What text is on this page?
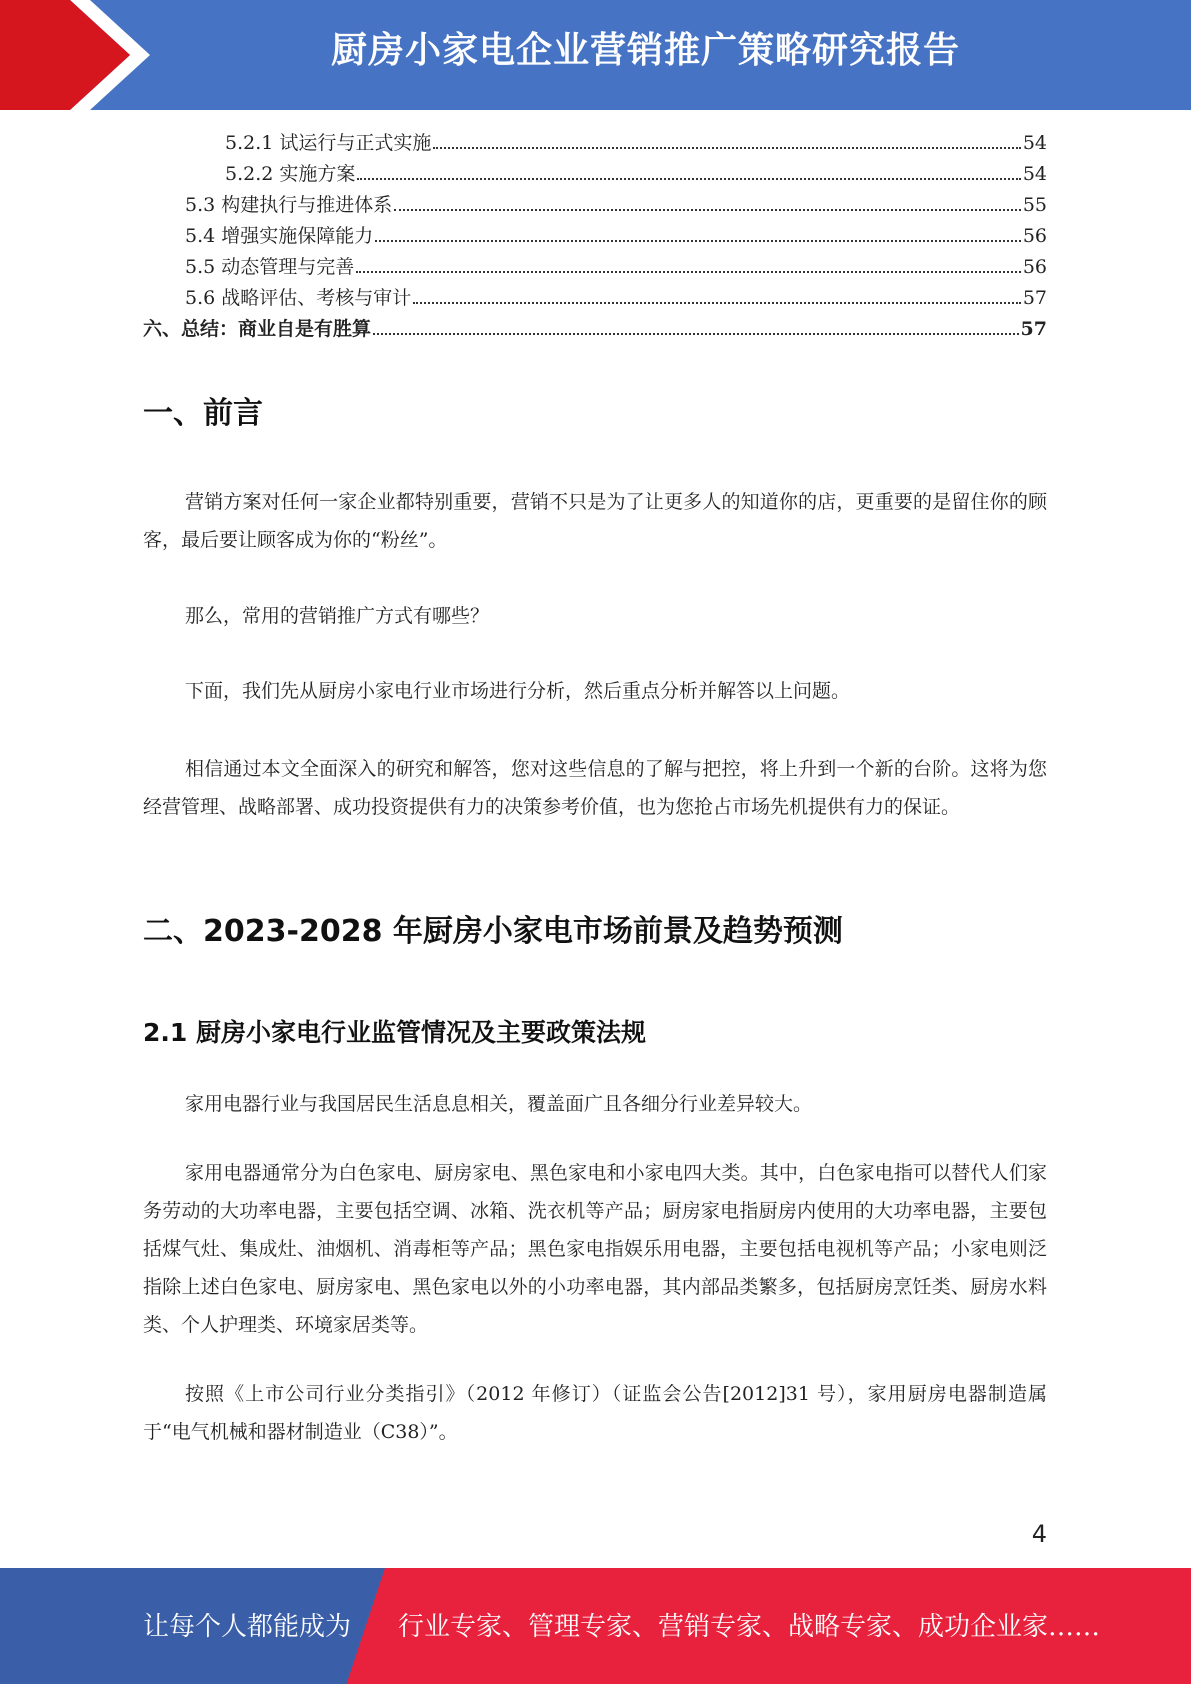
厨房小家电企业营销推广策略研究报告
5.2.1 试运行与正式实施	54
5.2.2 实施方案	54
5.3 构建执行与推进体系	55
5.4 增强实施保障能力	56
5.5 动态管理与完善	56
5.6 战略评估、考核与审计	57
六、总结：商业自是有胜算	57
一、前言
营销方案对任何一家企业都特别重要，营销不只是为了让更多人的知道你的店，更重要的是留住你的顾客，最后要让顾客成为你的“粉丝”。
那么，常用的营销推广方式有哪些？
下面，我们先从厨房小家电行业市场进行分析，然后重点分析并解答以上问题。
相信通过本文全面深入的研究和解答，您对这些信息的了解与把控，将上升到一个新的台阶。这将为您经营管理、战略部署、成功投资提供有力的决策参考价值，也为您抢占市场先机提供有力的保证。
二、2023-2028 年厨房小家电市场前景及趋势预测
2.1 厨房小家电行业监管情况及主要政策法规
家用电器行业与我国居民生活息息相关，覆盖面广且各细分行业差异较大。
家用电器通常分为白色家电、厨房家电、黑色家电和小家电四大类。其中，白色家电指可以替代人们家务劳动的大功率电器，主要包括空调、冰箱、洗衣机等产品；厨房家电指厨房内使用的大功率电器，主要包括煤气灶、集成灶、油烟机、消毒柜等产品；黑色家电指娱乐用电器，主要包括电视机等产品；小家电则泛指除上述白色家电、厨房家电、黑色家电以外的小功率电器，其内部品类繁多，包括厨房烹饪类、厨房水料类、个人护理类、环境家居类等。
按照《上市公司行业分类指引》（2012 年修订）（证监会公告[2012]31 号），家用厨房电器制造属于“电气机械和器材制造业（C38）”。
4
让每个人都能成为 行业专家、管理专家、营销专家、战略专家、成功企业家……
